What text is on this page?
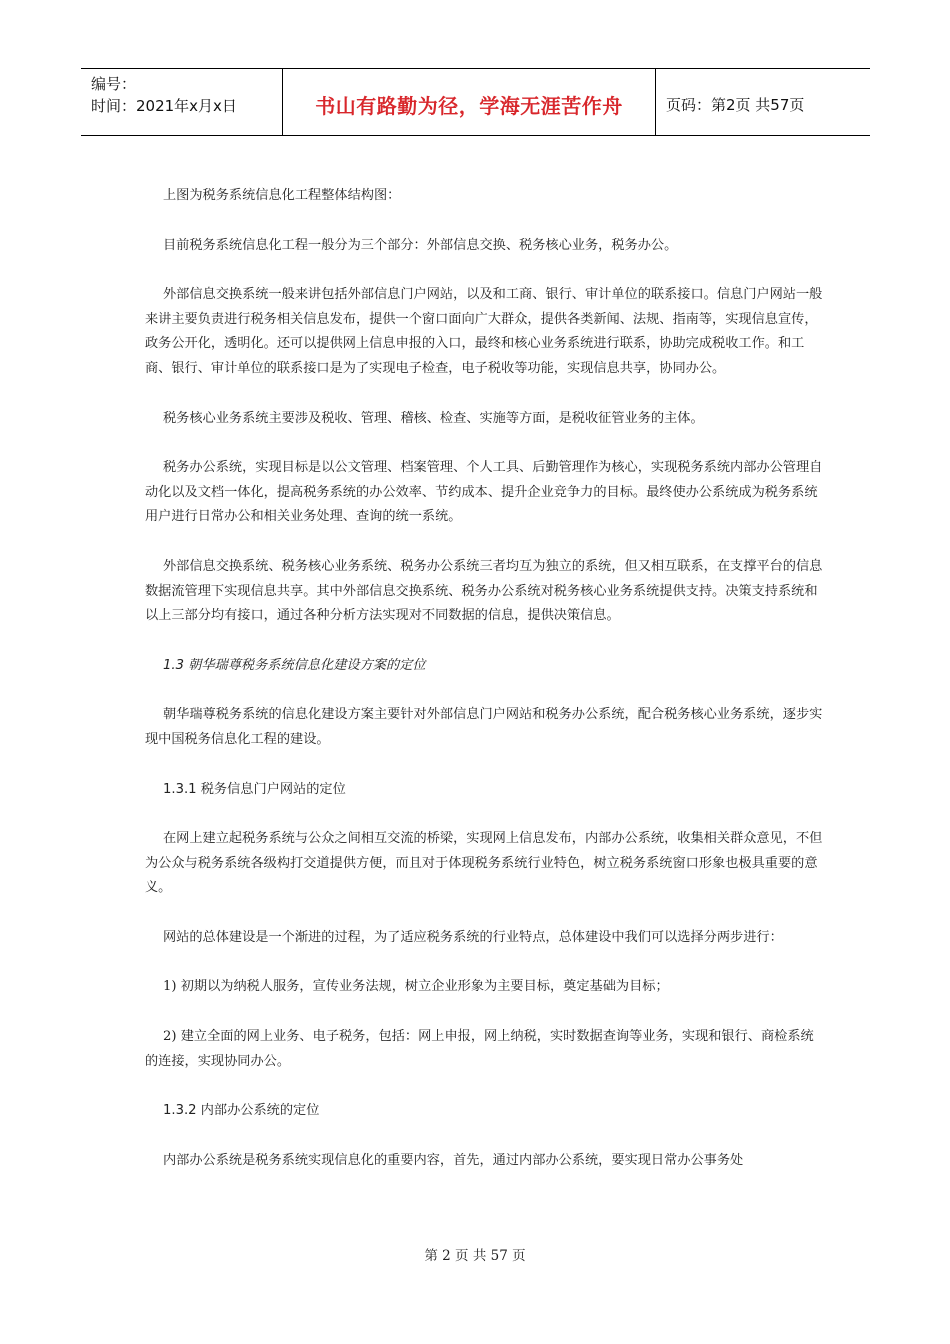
编号：
时间：2021年x月x日	书山有路勤为径，学海无涯苦作舟	页码：第2页 共57页

上图为税务系统信息化工程整体结构图：

目前税务系统信息化工程一般分为三个部分：外部信息交换、税务核心业务，税务办公。

外部信息交换系统一般来讲包括外部信息门户网站，以及和工商、银行、审计单位的联系接口。信息门户网站一般来讲主要负责进行税务相关信息发布，提供一个窗口面向广大群众，提供各类新闻、法规、指南等，实现信息宣传，政务公开化，透明化。还可以提供网上信息申报的入口，最终和核心业务系统进行联系，协助完成税收工作。和工商、银行、审计单位的联系接口是为了实现电子检查，电子税收等功能，实现信息共享，协同办公。

税务核心业务系统主要涉及税收、管理、稽核、检查、实施等方面，是税收征管业务的主体。

税务办公系统，实现目标是以公文管理、档案管理、个人工具、后勤管理作为核心，实现税务系统内部办公管理自动化以及文档一体化，提高税务系统的办公效率、节约成本、提升企业竞争力的目标。最终使办公系统成为税务系统用户进行日常办公和相关业务处理、查询的统一系统。

外部信息交换系统、税务核心业务系统、税务办公系统三者均互为独立的系统，但又相互联系，在支撑平台的信息数据流管理下实现信息共享。其中外部信息交换系统、税务办公系统对税务核心业务系统提供支持。决策支持系统和以上三部分均有接口，通过各种分析方法实现对不同数据的信息，提供决策信息。

1.3 朝华瑞尊税务系统信息化建设方案的定位

朝华瑞尊税务系统的信息化建设方案主要针对外部信息门户网站和税务办公系统，配合税务核心业务系统，逐步实现中国税务信息化工程的建设。

1.3.1 税务信息门户网站的定位

在网上建立起税务系统与公众之间相互交流的桥梁，实现网上信息发布，内部办公系统，收集相关群众意见，不但为公众与税务系统各级构打交道提供方便，而且对于体现税务系统行业特色，树立税务系统窗口形象也极具重要的意义。

网站的总体建设是一个渐进的过程，为了适应税务系统的行业特点，总体建设中我们可以选择分两步进行：

1) 初期以为纳税人服务，宣传业务法规，树立企业形象为主要目标，奠定基础为目标；

2) 建立全面的网上业务、电子税务，包括：网上申报，网上纳税，实时数据查询等业务，实现和银行、商检系统的连接，实现协同办公。

1.3.2 内部办公系统的定位

内部办公系统是税务系统实现信息化的重要内容，首先，通过内部办公系统，要实现日常办公事务处

第 2 页 共 57 页
